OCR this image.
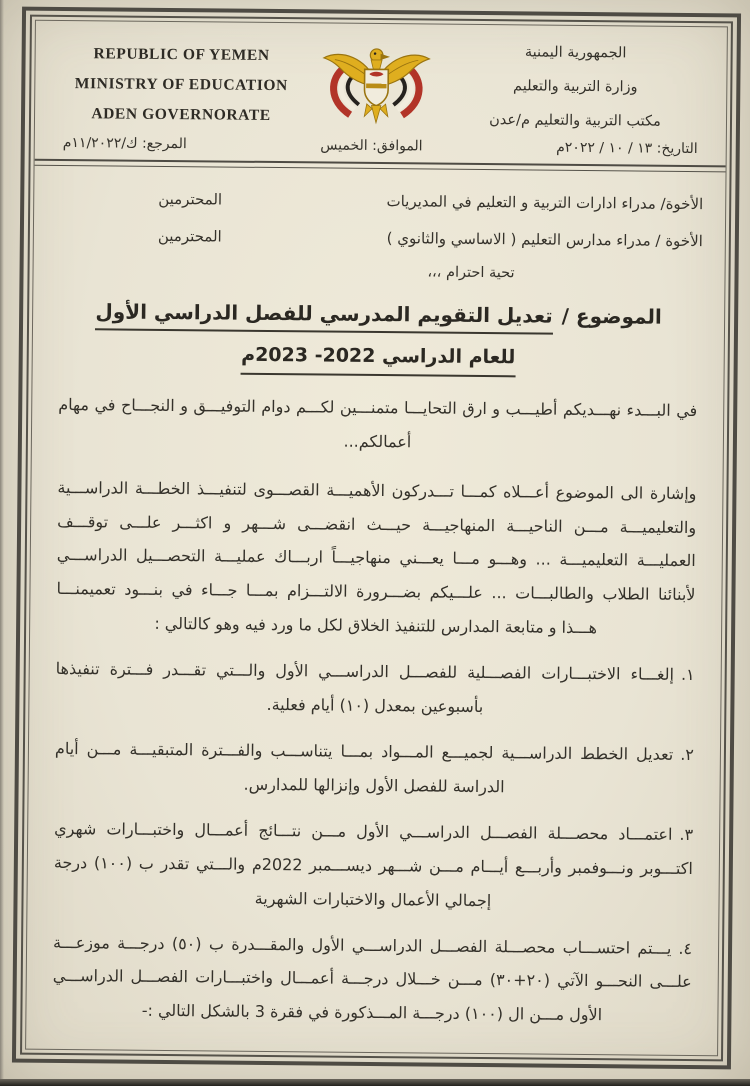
REPUBLIC OF YEMEN
MINISTRY OF EDUCATION
ADEN GOVERNORATE
الجمهورية اليمنية
وزارة التربية والتعليم
مكتب التربية والتعليم م/عدن
التاريخ: ١٣ / ١٠ / ٢٠٢٢م
الموافق: الخميس
المرجع: ك/١١/٢٠٢٢م
الأخوة/ مدراء ادارات التربية و التعليم في المديريات
المحترمين
الأخوة / مدراء مدارس التعليم ( الاساسي والثانوي )
المحترمين
تحية احترام ،،،
الموضوع /تعديل التقويم المدرسي للفصل الدراسي الأول
للعام الدراسي 2022- 2023م
في البـــدء نهـــديكم أطيـــب و ارق التحايـــا متمنـــين لكـــم دوام التوفيـــق و النجـــاح في مهام أعمالكم...
وإشارة الى الموضوع أعـــلاه كمـــا تـــدركون الأهميـــة القصـــوى لتنفيـــذ الخطـــة الدراســـية والتعليميـــة مـــن الناحيـــة المنهاجيـــة حيـــث انقضـــى شـــهر و اكثـــر علـــى توقـــف العمليـــة التعليميـــة ... وهـــو مـــا يعـــني منهاجيـــاً اربـــاك عمليـــة التحصـــيل الدراســـي لأبنائنا الطلاب والطالبـــات ... علـــيكم بضـــرورة الالتـــزام بمـــا جـــاء في بنـــود تعميمنـــا هـــذا و متابعة المدارس للتنفيذ الخلاق لكل ما ورد فيه وهو كالتالي :
١.إلغـــاء الاختبـــارات الفصـــلية للفصـــل الدراســـي الأول والـــتي تقـــدر فـــترة تنفيذها بأسبوعين بمعدل (١٠) أيام فعلية.
٢.تعديل الخطط الدراســـية لجميـــع المـــواد بمـــا يتناســـب والفـــترة المتبقيـــة مـــن أيام الدراسة للفصل الأول وإنزالها للمدارس.
٣.اعتمـــاد محصـــلة الفصـــل الدراســـي الأول مـــن نتـــائج أعمـــال واختبـــارات شهري اكتـــوبر ونـــوفمبر وأربـــع أيـــام مـــن شـــهر ديســـمبر 2022م والـــتي تقدر ب (١٠٠) درجة إجمالي الأعمال والاختبارات الشهرية
٤.يـــتم احتســـاب محصـــلة الفصـــل الدراســـي الأول والمقـــدرة ب (٥٠) درجـــة موزعـــة علـــى النحـــو الآتي (٢٠+٣٠) مـــن خـــلال درجـــة أعمـــال واختبـــارات الفصـــل الدراســـي الأول مـــن ال (١٠٠) درجـــة المـــذكورة في فقرة 3 بالشكل التالي :-
